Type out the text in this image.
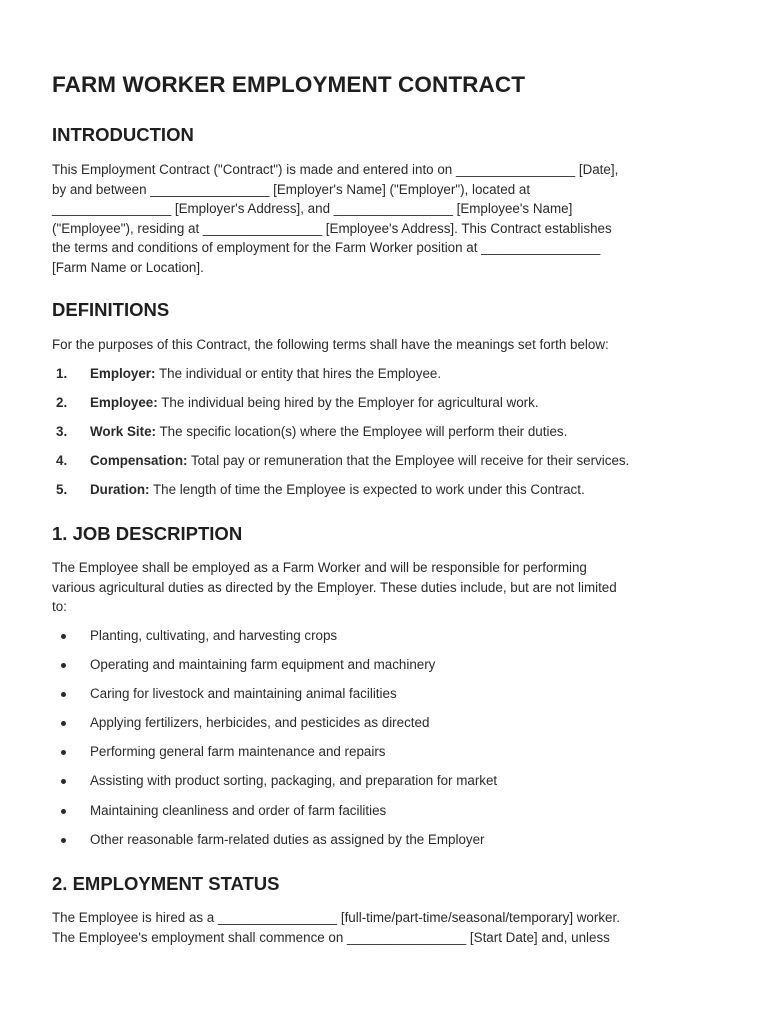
FARM WORKER EMPLOYMENT CONTRACT
INTRODUCTION
This Employment Contract ("Contract") is made and entered into on ________________ [Date],
by and between ________________ [Employer's Name] ("Employer"), located at
________________ [Employer's Address], and ________________ [Employee's Name]
("Employee"), residing at ________________ [Employee's Address]. This Contract establishes
the terms and conditions of employment for the Farm Worker position at ________________
[Farm Name or Location].
DEFINITIONS
For the purposes of this Contract, the following terms shall have the meanings set forth below:
1. Employer: The individual or entity that hires the Employee.
2. Employee: The individual being hired by the Employer for agricultural work.
3. Work Site: The specific location(s) where the Employee will perform their duties.
4. Compensation: Total pay or remuneration that the Employee will receive for their services.
5. Duration: The length of time the Employee is expected to work under this Contract.
1. JOB DESCRIPTION
The Employee shall be employed as a Farm Worker and will be responsible for performing
various agricultural duties as directed by the Employer. These duties include, but are not limited
to:
Planting, cultivating, and harvesting crops
Operating and maintaining farm equipment and machinery
Caring for livestock and maintaining animal facilities
Applying fertilizers, herbicides, and pesticides as directed
Performing general farm maintenance and repairs
Assisting with product sorting, packaging, and preparation for market
Maintaining cleanliness and order of farm facilities
Other reasonable farm-related duties as assigned by the Employer
2. EMPLOYMENT STATUS
The Employee is hired as a ________________ [full-time/part-time/seasonal/temporary] worker.
The Employee's employment shall commence on ________________ [Start Date] and, unless
